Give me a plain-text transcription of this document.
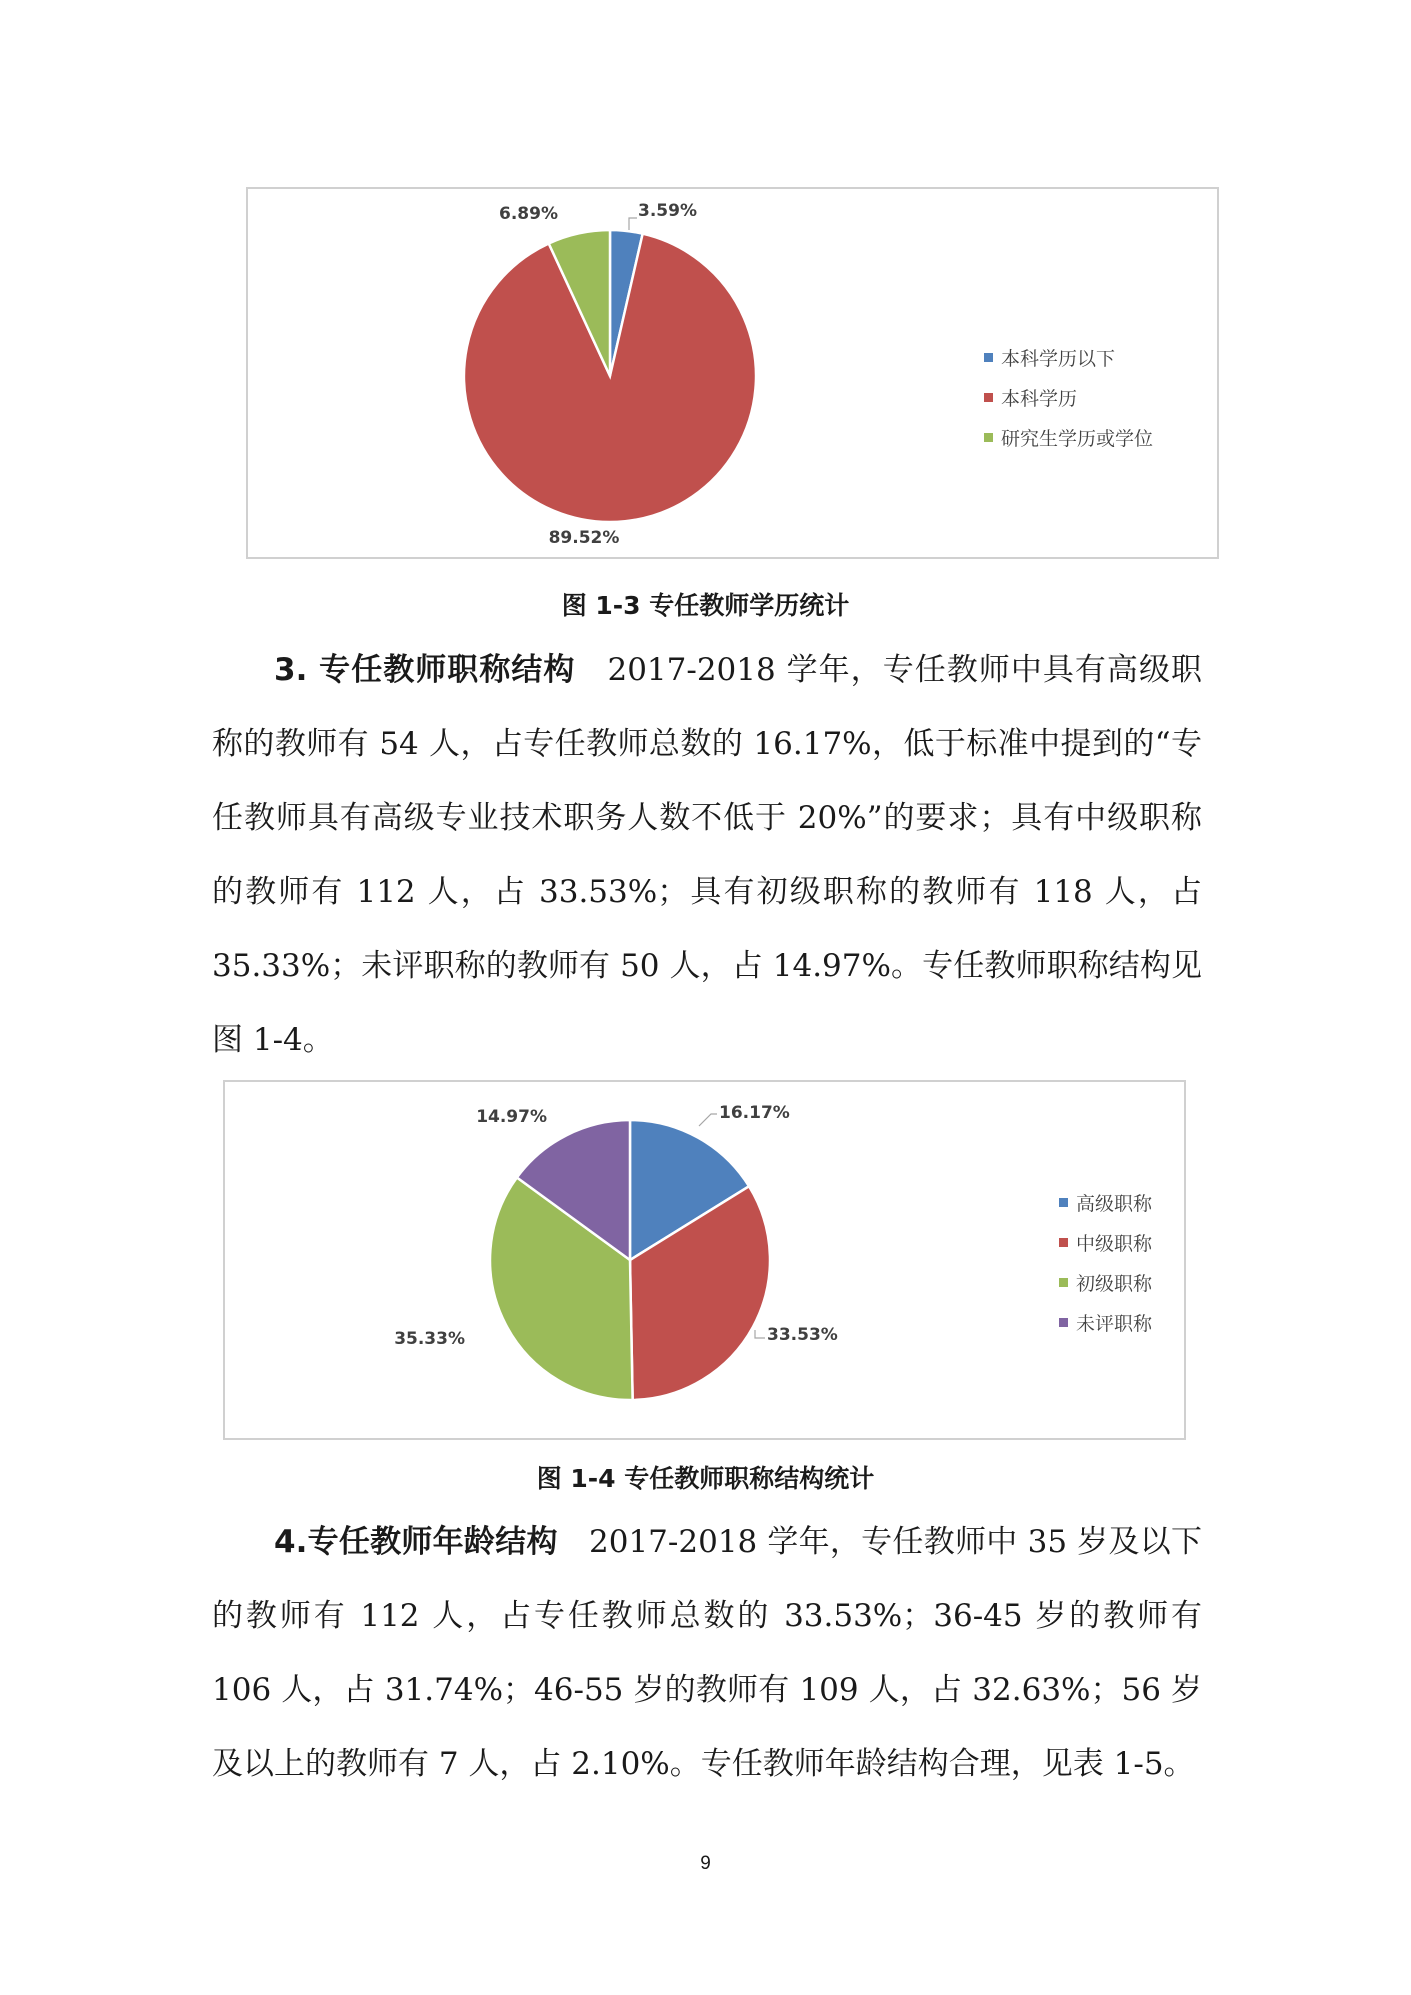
3.59%
89.52%
6.89%
本科学历以下
本科学历
研究生学历或学位
图 1-3 专任教师学历统计

3. 专任教师职称结构　2017-2018 学年，专任教师中具有高级职称的教师有 54 人，占专任教师总数的 16.17%，低于标准中提到的“专任教师具有高级专业技术职务人数不低于 20%”的要求；具有中级职称的教师有 112 人，占 33.53%；具有初级职称的教师有 118 人，占 35.33%；未评职称的教师有 50 人，占 14.97%。专任教师职称结构见图 1-4。

16.17%
33.53%
35.33%
14.97%
高级职称
中级职称
初级职称
未评职称
图 1-4 专任教师职称结构统计

4.专任教师年龄结构　2017-2018 学年，专任教师中 35 岁及以下的教师有 112 人，占专任教师总数的 33.53%；36-45 岁的教师有 106 人，占 31.74%；46-55 岁的教师有 109 人，占 32.63%；56 岁及以上的教师有 7 人，占 2.10%。专任教师年龄结构合理，见表 1-5。

9
